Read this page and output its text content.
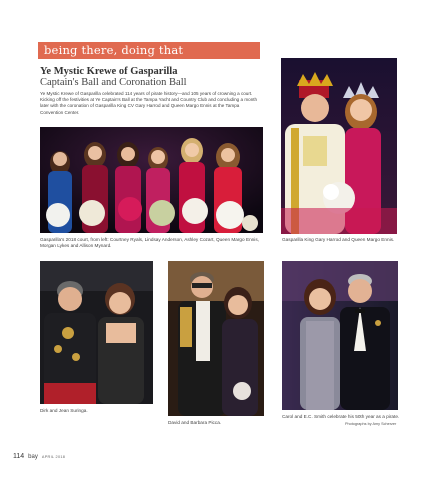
being there, doing that
Ye Mystic Krewe of Gasparilla
Captain's Ball and Coronation Ball
Ye Mystic Krewe of Gasparilla celebrated 114 years of pirate history—and 105 years of crowning a court. Kicking off the festivities at Ye Captain's Ball at the Tampa Yacht and Country Club and concluding a month later with the coronation of Gasparilla King CV Gary Harrod and Queen Margo Ennis at the Tampa Convention Center.
Gasparilla's 2018 court, from left: Courtney Ryals, Lindsay Anderson, Ashley Cozart, Queen Margo Ennis, Morgan Lykes and Allison Mynard.
Gasparilla King Gary Harrod and Queen Margo Ennis.
Dirk and Jean Suringa.
Carol and E.C. Smith celebrate his 50th year as a pirate.
David and Barbara Picca.	Photographs by Amy Scherzer
114 bay APRIL 2018
